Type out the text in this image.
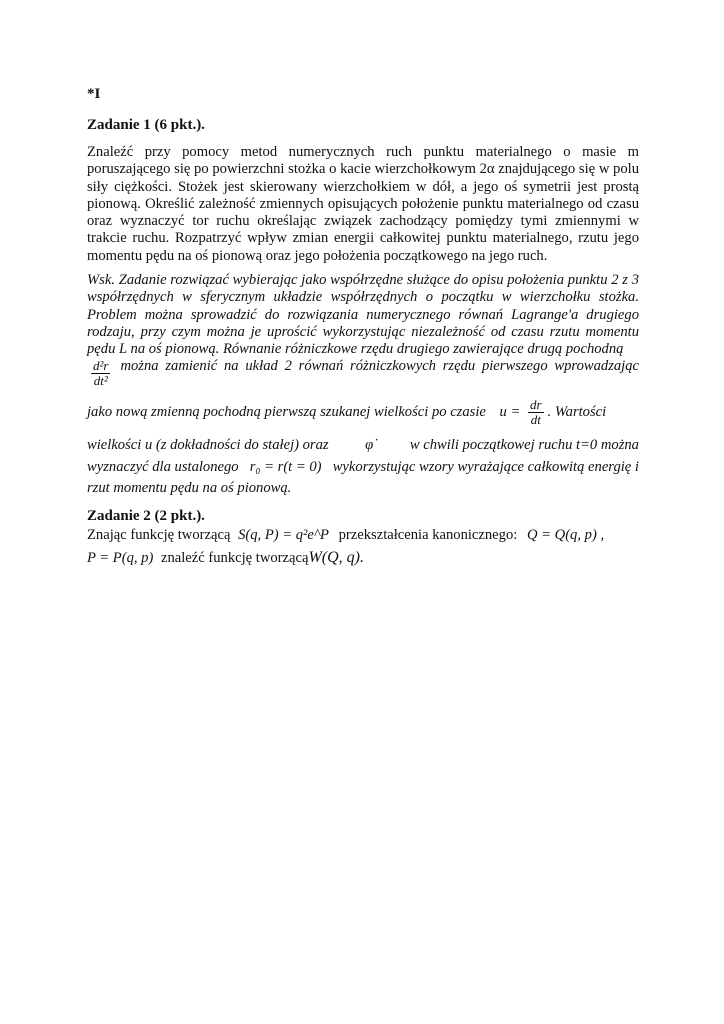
*I
Zadanie 1 (6 pkt.).
Znaleźć przy pomocy metod numerycznych ruch punktu materialnego o masie m poruszającego się po powierzchni stożka o kacie wierzchołkowym 2α znajdującego się w polu siły ciężkości. Stożek jest skierowany wierzchołkiem w dół, a jego oś symetrii jest prostą pionową. Określić zależność zmiennych opisujących położenie punktu materialnego od czasu oraz wyznaczyć tor ruchu określając związek zachodzący pomiędzy tymi zmiennymi w trakcie ruchu. Rozpatrzyć wpływ zmian energii całkowitej punktu materialnego, rzutu jego momentu pędu na oś pionową oraz jego położenia początkowego na jego ruch.
Wsk. Zadanie rozwiązać wybierając jako współrzędne służące do opisu położenia punktu 2 z 3 współrzędnych w sferycznym układzie współrzędnych o początku w wierzchołku stożka. Problem można sprowadzić do rozwiązania numerycznego równań Lagrange'a drugiego rodzaju, przy czym można je uprościć wykorzystując niezależność od czasu rzutu momentu pędu L na oś pionową. Równanie różniczkowe rzędu drugiego zawierające drugą pochodną
$\frac{\text{d²r}}{\text{dt²}}$ można zamienić na układ 2 równań różniczkowych rzędu pierwszego wprowadzając
jako nową zmienną pochodną pierwszą szukanej wielkości po czasie $u = \frac{dr}{dt}$ . Wartości
wielkości u (z dokładności do stałej) oraz	φ̇	w chwili początkowej ruchu t=0 można
wyznaczyć dla ustalonego r₀ = r(t = 0) wykorzystując wzory wyrażające całkowitą energię i
rzut momentu pędu na oś pionową.
Zadanie 2 (2 pkt.).
Znając funkcję tworzącą S(q, P) = q²e^P przekształcenia kanonicznego: Q = Q(q, p) ,
P = P(q, p) znaleźć funkcję tworzącąW(Q, q).
